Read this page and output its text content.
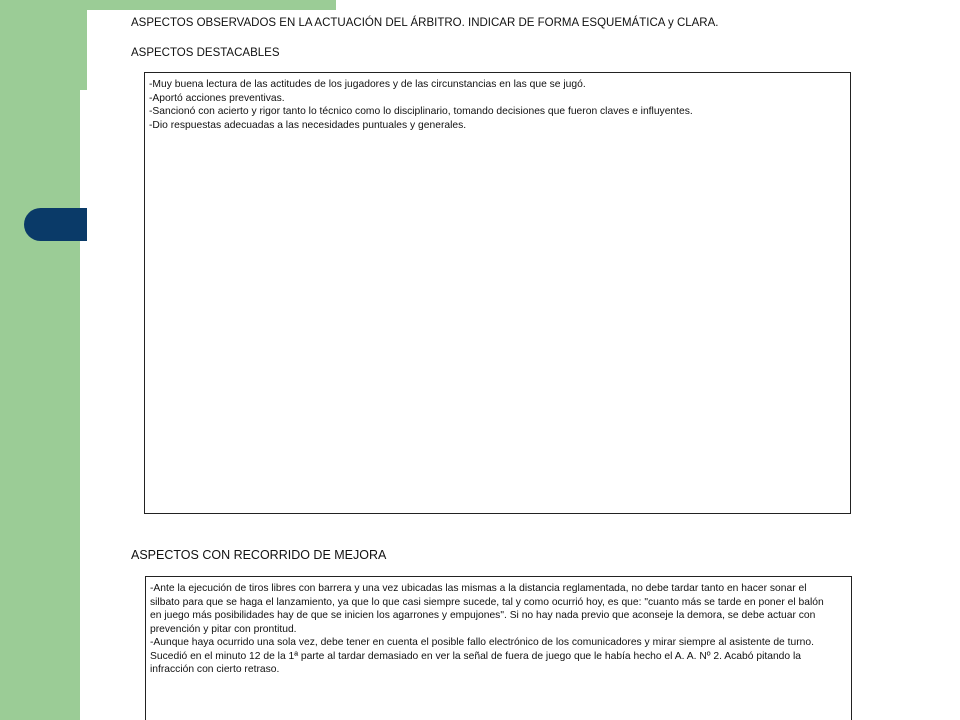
ASPECTOS OBSERVADOS EN LA ACTUACIÓN DEL ÁRBITRO. INDICAR DE FORMA ESQUEMÁTICA y CLARA.
ASPECTOS DESTACABLES
-Muy buena lectura de las actitudes de los jugadores y de las circunstancias en las que se jugó.
-Aportó acciones preventivas.
-Sancionó con acierto y rigor tanto lo técnico como lo disciplinario, tomando decisiones que fueron claves e influyentes.
-Dio respuestas adecuadas a las necesidades puntuales y generales.
ASPECTOS CON RECORRIDO DE MEJORA
-Ante la ejecución de tiros libres con barrera y una vez ubicadas las mismas a la distancia reglamentada, no debe tardar tanto en hacer sonar el
silbato para que se haga el lanzamiento, ya que lo que casi siempre sucede, tal y como ocurrió hoy, es que: "cuanto más se tarde en poner el balón
en juego más posibilidades hay de que se inicien los agarrones y empujones". Si no hay nada previo que aconseje la demora, se debe actuar con
prevención y pitar con prontitud.
-Aunque haya ocurrido una sola vez, debe tener en cuenta el posible fallo electrónico de los comunicadores y mirar siempre al asistente de turno.
Sucedió en el minuto 12 de la 1ª parte al tardar demasiado en ver la señal de fuera de juego que le había hecho el A. A. Nº 2. Acabó pitando la
infracción con cierto retraso.
